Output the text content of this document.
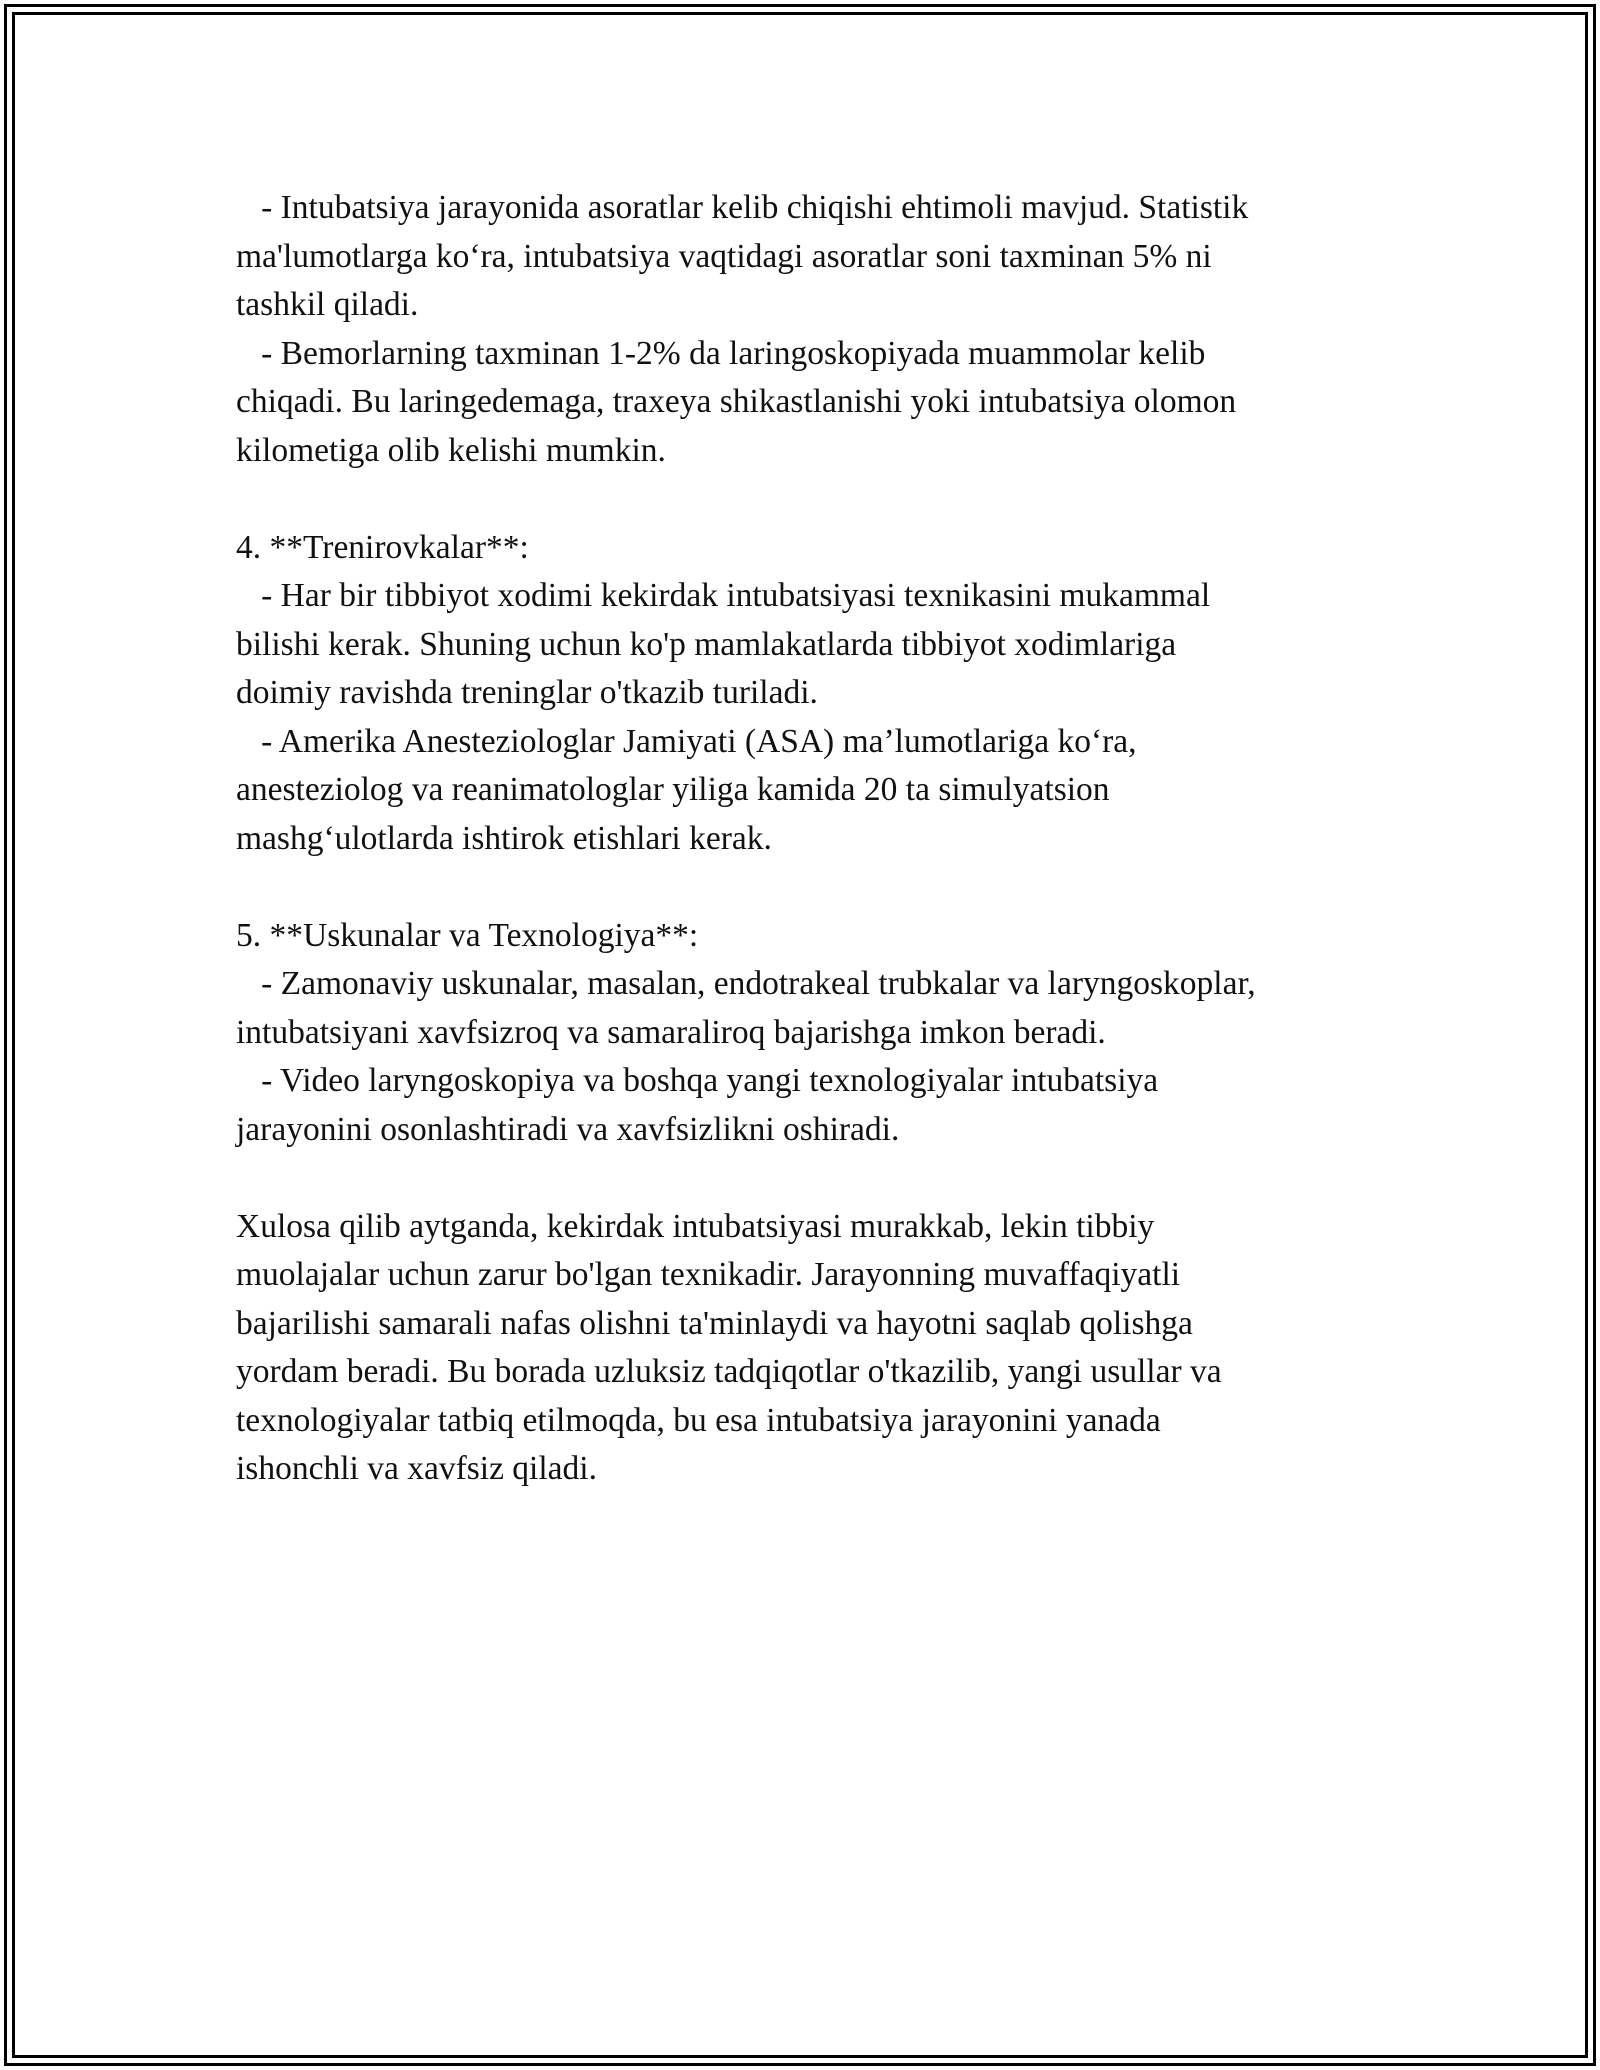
- Intubatsiya jarayonida asoratlar kelib chiqishi ehtimoli mavjud. Statistik
ma'lumotlarga ko‘ra, intubatsiya vaqtidagi asoratlar soni taxminan 5% ni
tashkil qiladi.
- Bemorlarning taxminan 1-2% da laringoskopiyada muammolar kelib
chiqadi. Bu laringedemaga, traxeya shikastlanishi yoki intubatsiya olomon
kilometiga olib kelishi mumkin.
4. **Trenirovkalar**:
- Har bir tibbiyot xodimi kekirdak intubatsiyasi texnikasini mukammal
bilishi kerak. Shuning uchun ko'p mamlakatlarda tibbiyot xodimlariga
doimiy ravishda treninglar o'tkazib turiladi.
- Amerika Anesteziologlar Jamiyati (ASA) ma’lumotlariga ko‘ra,
anesteziolog va reanimatologlar yiliga kamida 20 ta simulyatsion
mashg‘ulotlarda ishtirok etishlari kerak.
5. **Uskunalar va Texnologiya**:
- Zamonaviy uskunalar, masalan, endotrakeal trubkalar va laryngoskoplar,
intubatsiyani xavfsizroq va samaraliroq bajarishga imkon beradi.
- Video laryngoskopiya va boshqa yangi texnologiyalar intubatsiya
jarayonini osonlashtiradi va xavfsizlikni oshiradi.
Xulosa qilib aytganda, kekirdak intubatsiyasi murakkab, lekin tibbiy
muolajalar uchun zarur bo'lgan texnikadir. Jarayonning muvaffaqiyatli
bajarilishi samarali nafas olishni ta'minlaydi va hayotni saqlab qolishga
yordam beradi. Bu borada uzluksiz tadqiqotlar o'tkazilib, yangi usullar va
texnologiyalar tatbiq etilmoqda, bu esa intubatsiya jarayonini yanada
ishonchli va xavfsiz qiladi.
